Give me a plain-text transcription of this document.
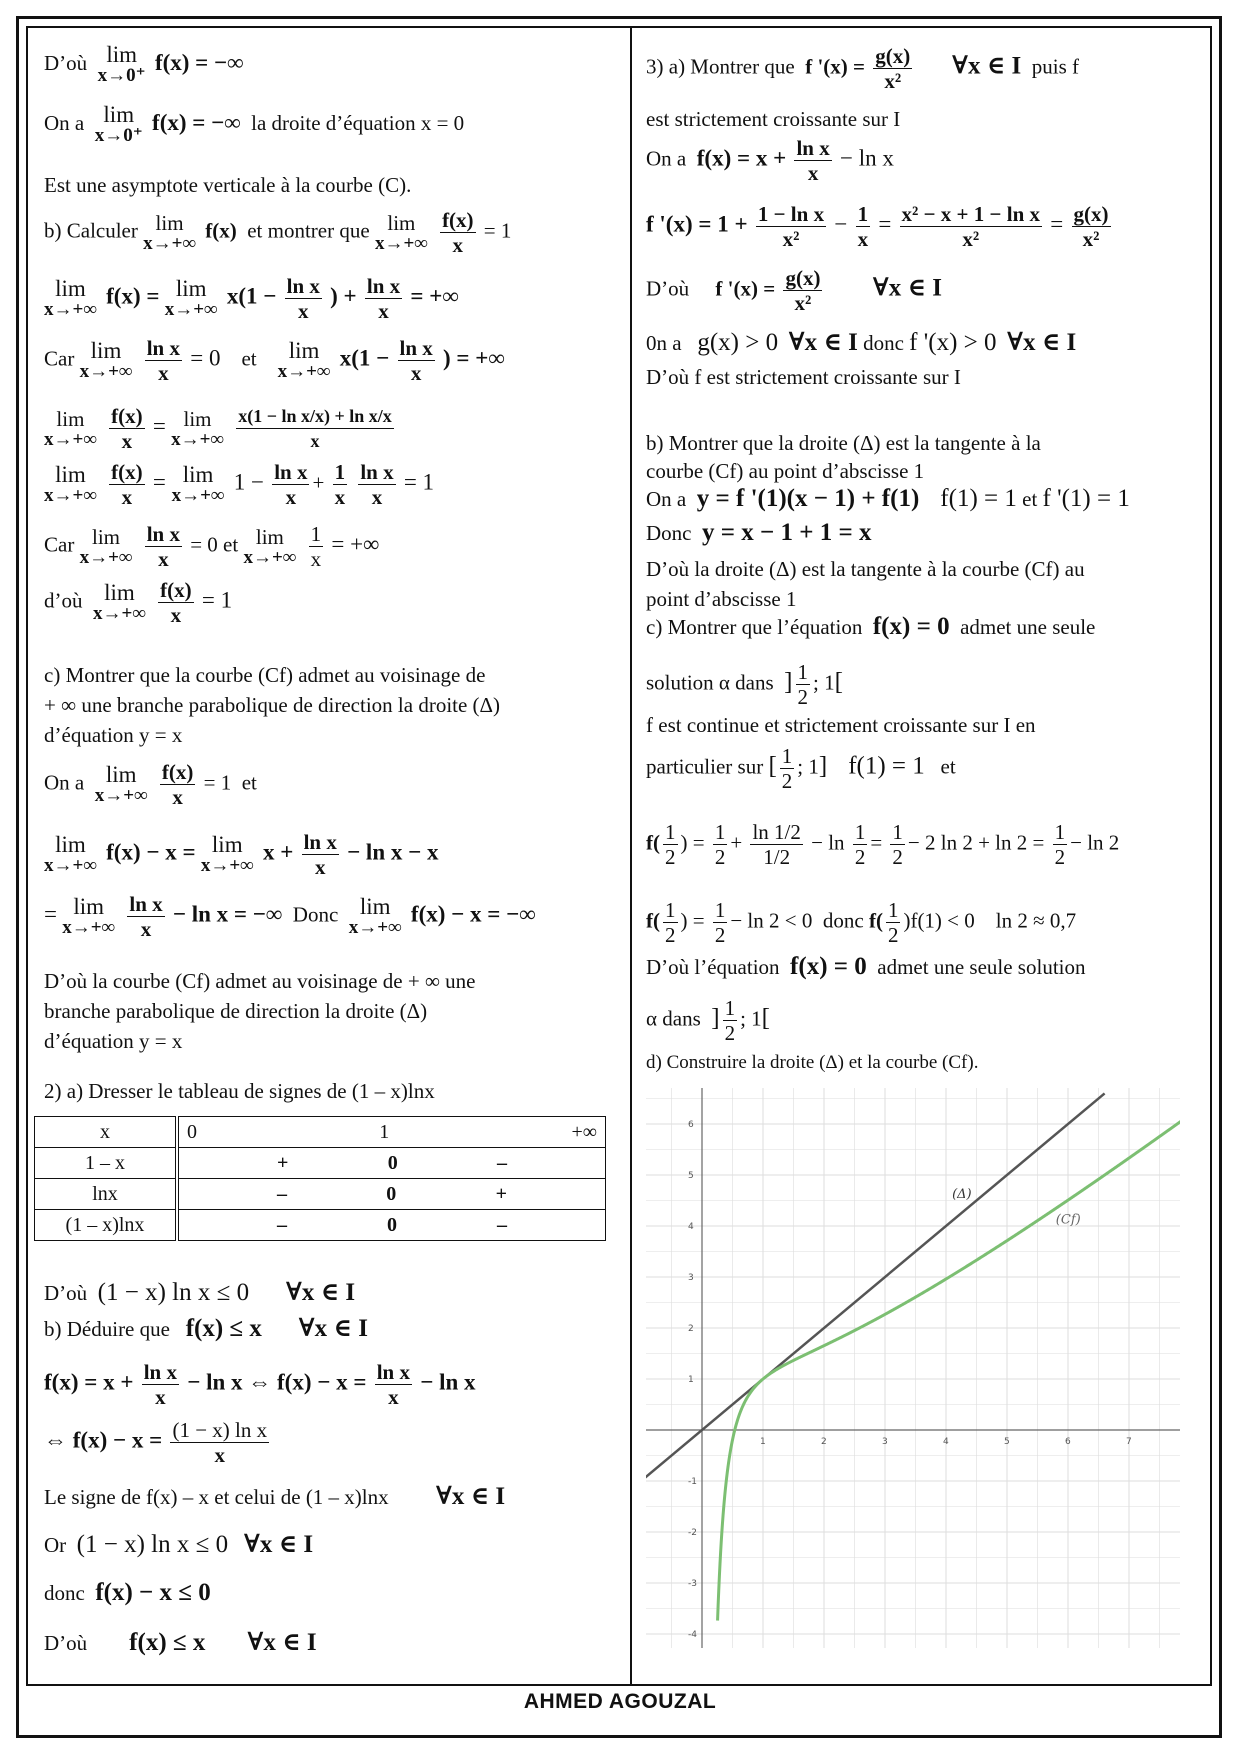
D’où lim
x→0⁺
f(x) = −∞
On a lim
x→0⁺
f(x) = −∞ la droite d’équation x = 0
Est une asymptote verticale à la courbe (C).
b) Calculer lim
x→+∞
f(x) et montrer que lim
x→+∞
$\frac{f(x)}{x} = 1$
lim
x→+∞
f(x) = lim
x→+∞
$x(1 - \frac{\text{ln x}}{x}$ ) + $\frac{\text{ln x}}{x}$ = +∞
Car lim
x→+∞
$\frac{\text{ln x}}{x} = 0$ et lim
x→+∞
$x(1 - \frac{\text{ln x}}{x}$ ) = +∞
lim
x→+∞
$\frac{f(x)}{x} = \lim$
x→+∞
$\frac{\text{x(1 − ln x/x) + ln x/x}}{x}$
lim
x→+∞
$\frac{f(x)}{x} = \lim$
x→+∞
$1 - \frac{\text{ln x}}{x} + \frac{1}{x}$
$\frac{\text{ln x}}{x} = 1$
Car lim
x→+∞
$\frac{\text{ln x}}{x} = 0$ et lim
x→+∞
$\frac{1}{x}$ = +∞
d’où lim
x→+∞
$\frac{f(x)}{x} = 1$
c) Montrer que la courbe (Cf) admet au voisinage de
+ ∞ une branche parabolique de direction la droite (Δ)
d’équation y = x
On a lim
x→+∞
$\frac{f(x)}{x} = 1$ et
lim
x→+∞
f(x) − x = lim
x→+∞
$x + \frac{\text{ln x}}{x} - \ln x - x$
= lim
x→+∞
$\frac{\text{ln x}}{x} - \ln x$ = −∞ Donc lim
x→+∞
f(x) − x = −∞
D’où la courbe (Cf) admet au voisinage de + ∞ une
branche parabolique de direction la droite (Δ)
d’équation y = x
2) a) Dresser le tableau de signes de (1 – x)lnx
D’où (1 − x) ln x ≤ 0 ∀x ∈ I
b) Déduire que f(x) ≤ x ∀x ∈ I
$f(x) = x + \frac{\text{ln x}}{x} - \ln x$ ⇔ $f(x) - x = \frac{\text{ln x}}{x} - \ln x$
⇔ $f(x) - x = \frac{\text{(1 − x) ln x}}{x}$
Le signe de f(x) – x et celui de (1 – x)lnx ∀x ∈ I
Or (1 − x) ln x ≤ 0 ∀x ∈ I
donc f(x) − x ≤ 0
D’où f(x) ≤ x ∀x ∈ I
x	0 1 +∞

1 – x	+ 0 –

lnx	– 0 +

(1 – x)lnx	– 0 –
3) a) Montrer que f '$(x) = \frac{g(x)}{\text{x²}}$ ∀x ∈ I puis f
est strictement croissante sur I
On a $f(x) = x + \frac{\text{ln x}}{x} - \ln x$
f '$(x) = 1 + \frac{\text{1 − ln x}}{\text{x²}} - \frac{1}{x} = \frac{\text{x² − x + 1 − ln x}}{\text{x²}} = \frac{g(x)}{\text{x²}}$
D’où f '$(x) = \frac{g(x)}{\text{x²}}$ ∀x ∈ I
0n a g(x) > 0 ∀x ∈ I donc f '(x) > 0 ∀x ∈ I
D’où f est strictement croissante sur I
b) Montrer que la droite (Δ) est la tangente à la
courbe (Cf) au point d’abscisse 1
On a y = f '(1)(x − 1) + f(1) f(1) = 1 et f '(1) = 1
Donc y = x − 1 + 1 = x
D’où la droite (Δ) est la tangente à la courbe (Cf) au
point d’abscisse 1
c) Montrer que l’équation f(x) = 0 admet une seule
solution α dans ] $\frac{1}{2}$ ; 1[
f est continue et strictement croissante sur I en
particulier sur [ $\frac{1}{2}$ ; 1] f(1) = 1 et
$f( \frac{1}{2}$ ) = $\frac{1}{2} + \frac{\ln 1/2}{1/2} - \ln \frac{1}{2} = \frac{1}{2} - 2$ $\ln 2 + \ln 2 = \frac{1}{2} - \ln 2$
$f( \frac{1}{2}$ ) = $\frac{1}{2} - \ln 2 < 0$ donc $f( \frac{1}{2} )f(1) < 0$ ln 2 ≈ 0,7
D’où l’équation f(x) = 0 admet une seule solution
α dans ] $\frac{1}{2}$ ; 1[
d) Construire la droite (Δ) et la courbe (Cf).
1	2	3	4	5	6	7
6
5
4
3
2
1
-1
-2
-3
-4
(Δ)
(Cf)
AHMED AGOUZAL
